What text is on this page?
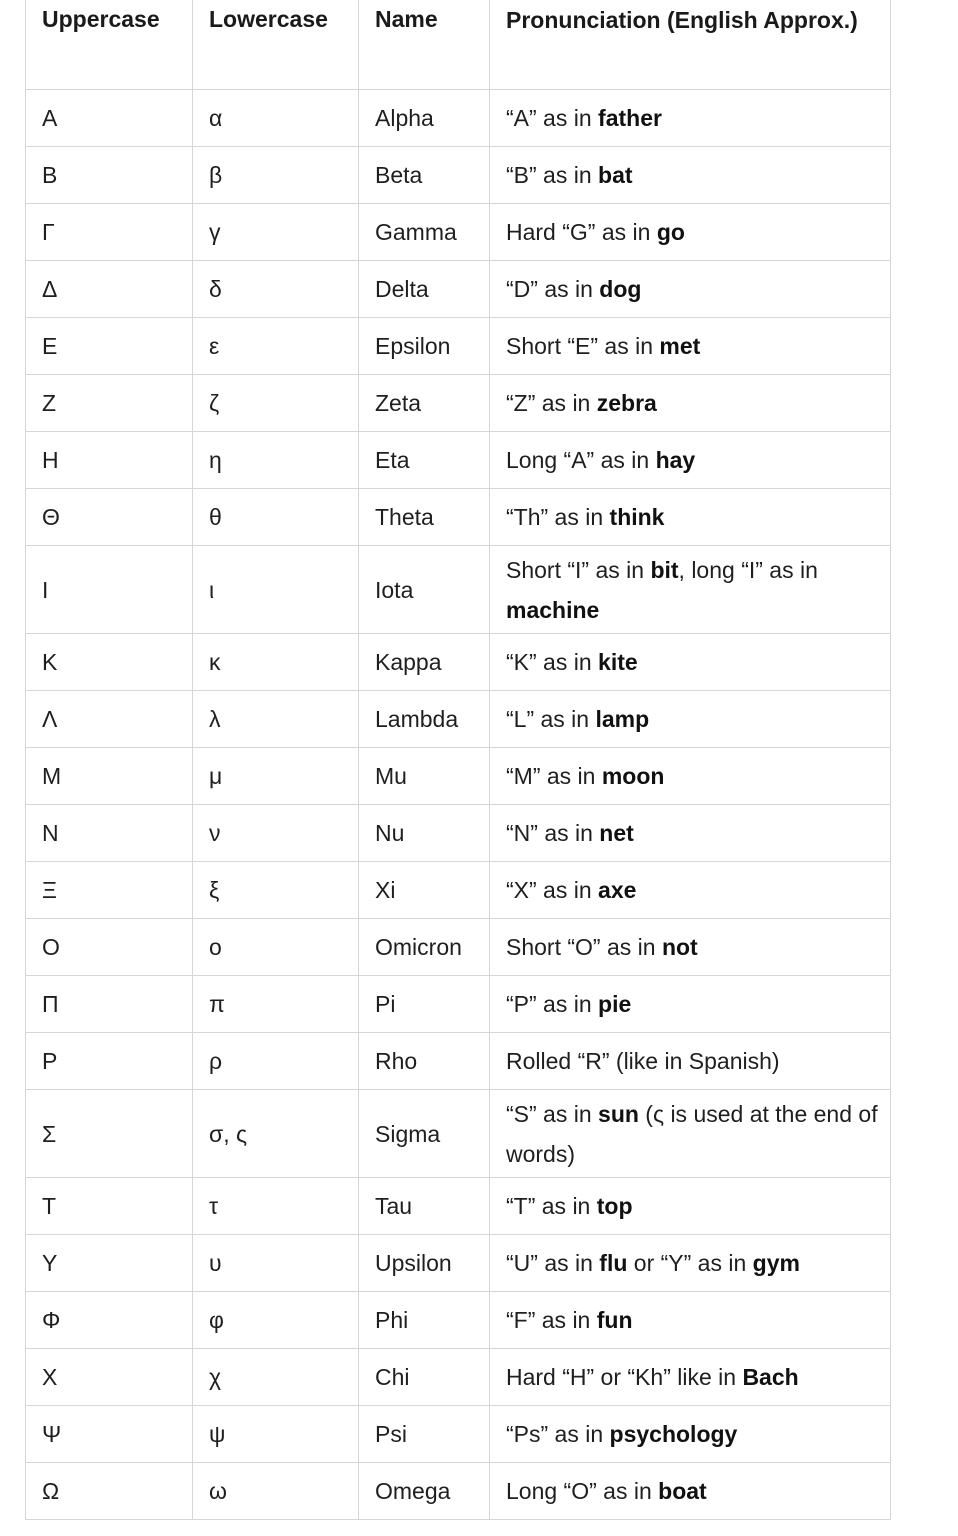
Uppercase	Lowercase	Name	Pronunciation (English Approx.)
Α	α	Alpha	“A” as in father
Β	β	Beta	“B” as in bat
Γ	γ	Gamma	Hard “G” as in go
Δ	δ	Delta	“D” as in dog
Ε	ε	Epsilon	Short “E” as in met
Ζ	ζ	Zeta	“Z” as in zebra
Η	η	Eta	Long “A” as in hay
Θ	θ	Theta	“Th” as in think
Ι	ι	Iota	Short “I” as in bit, long “I” as in machine
Κ	κ	Kappa	“K” as in kite
Λ	λ	Lambda	“L” as in lamp
Μ	μ	Mu	“M” as in moon
Ν	ν	Nu	“N” as in net
Ξ	ξ	Xi	“X” as in axe
Ο	ο	Omicron	Short “O” as in not
Π	π	Pi	“P” as in pie
Ρ	ρ	Rho	Rolled “R” (like in Spanish)
Σ	σ, ς	Sigma	“S” as in sun (ς is used at the end of words)
Τ	τ	Tau	“T” as in top
Υ	υ	Upsilon	“U” as in flu or “Y” as in gym
Φ	φ	Phi	“F” as in fun
Χ	χ	Chi	Hard “H” or “Kh” like in Bach
Ψ	ψ	Psi	“Ps” as in psychology
Ω	ω	Omega	Long “O” as in boat
